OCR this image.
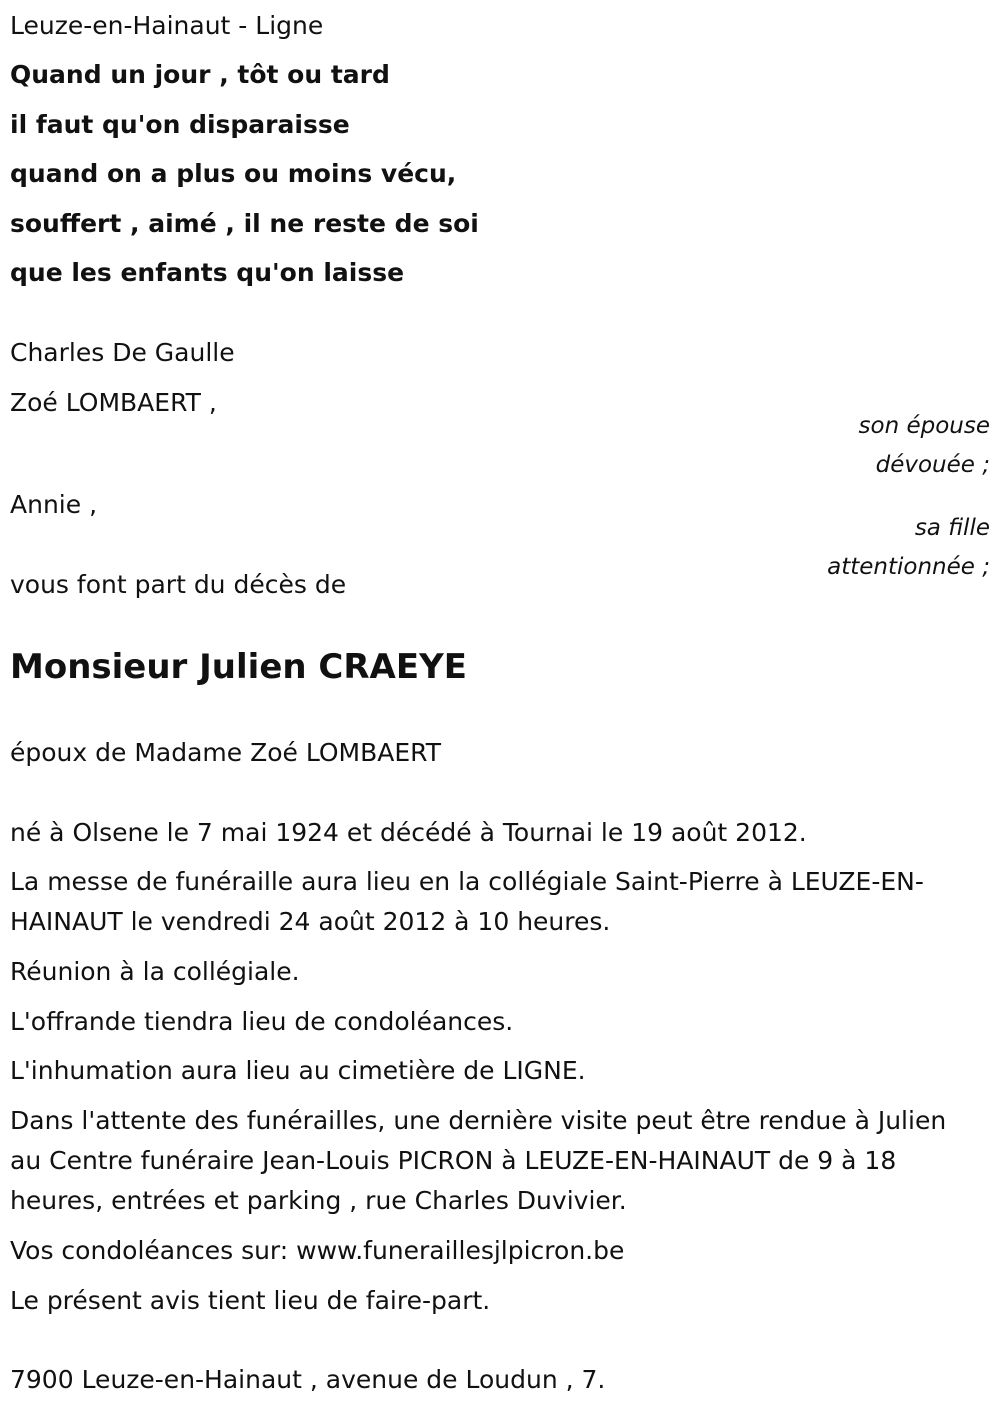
Leuze-en-Hainaut - Ligne
Quand un jour , tôt ou tard
il faut qu'on disparaisse
quand on a plus ou moins vécu,
souffert , aimé , il ne reste de soi
que les enfants qu'on laisse
Charles De Gaulle
Zoé LOMBAERT ,
son épouse
dévouée ;
Annie ,
sa fille
attentionnée ;
vous font part du décès de
Monsieur Julien CRAEYE
époux de Madame Zoé LOMBAERT
né à Olsene le 7 mai 1924 et décédé à Tournai le 19 août 2012.
La messe de funéraille aura lieu en la collégiale Saint-Pierre à LEUZE-EN-HAINAUT le vendredi 24 août 2012 à 10 heures.
Réunion à la collégiale.
L'offrande tiendra lieu de condoléances.
L'inhumation aura lieu au cimetière de LIGNE.
Dans l'attente des funérailles, une dernière visite peut être rendue à Julien au Centre funéraire Jean-Louis PICRON à LEUZE-EN-HAINAUT de 9 à 18 heures, entrées et parking , rue Charles Duvivier.
Vos condoléances sur: www.funeraillesjlpicron.be
Le présent avis tient lieu de faire-part.
7900 Leuze-en-Hainaut , avenue de Loudun , 7.
